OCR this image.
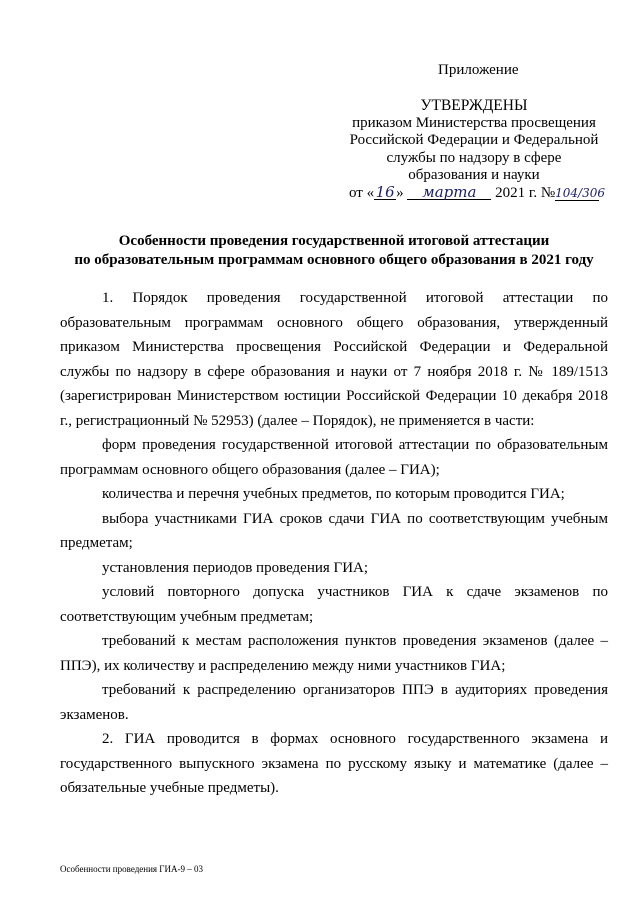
Приложение
УТВЕРЖДЕНЫ
приказом Министерства просвещения
Российской Федерации и Федеральной
службы по надзору в сфере
образования и науки
от «16» марта 2021 г. №104/306
Особенности проведения государственной итоговой аттестации
по образовательным программам основного общего образования в 2021 году

1. Порядок проведения государственной итоговой аттестации по образовательным программам основного общего образования, утвержденный приказом Министерства просвещения Российской Федерации и Федеральной службы по надзору в сфере образования и науки от 7 ноября 2018 г. № 189/1513 (зарегистрирован Министерством юстиции Российской Федерации 10 декабря 2018 г., регистрационный № 52953) (далее – Порядок), не применяется в части:

форм проведения государственной итоговой аттестации по образовательным программам основного общего образования (далее – ГИА);

количества и перечня учебных предметов, по которым проводится ГИА;

выбора участниками ГИА сроков сдачи ГИА по соответствующим учебным предметам;

установления периодов проведения ГИА;

условий повторного допуска участников ГИА к сдаче экзаменов по соответствующим учебным предметам;

требований к местам расположения пунктов проведения экзаменов (далее – ППЭ), их количеству и распределению между ними участников ГИА;

требований к распределению организаторов ППЭ в аудиториях проведения экзаменов.

2. ГИА проводится в формах основного государственного экзамена и государственного выпускного экзамена по русскому языку и математике (далее – обязательные учебные предметы).

Особенности проведения ГИА-9 – 03
